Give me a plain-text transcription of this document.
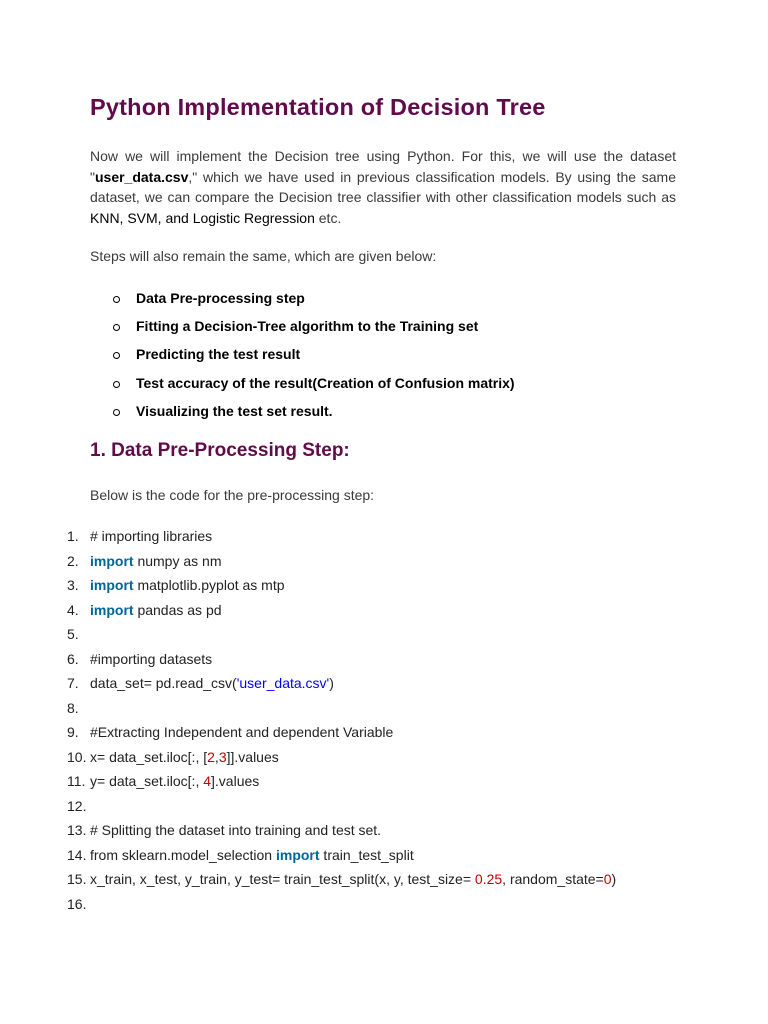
Python Implementation of Decision Tree

Now we will implement the Decision tree using Python. For this, we will use the dataset "user_data.csv," which we have used in previous classification models. By using the same dataset, we can compare the Decision tree classifier with other classification models such as KNN, SVM, and Logistic Regression etc.

Steps will also remain the same, which are given below:

Data Pre-processing step
Fitting a Decision-Tree algorithm to the Training set
Predicting the test result
Test accuracy of the result(Creation of Confusion matrix)
Visualizing the test set result.
1. Data Pre-Processing Step:

Below is the code for the pre-processing step:

1. # importing libraries
2. import numpy as nm
3. import matplotlib.pyplot as mtp
4. import pandas as pd
5.
6. #importing datasets
7. data_set= pd.read_csv('user_data.csv')
8.
9. #Extracting Independent and dependent Variable
10. x= data_set.iloc[:, [2,3]].values
11. y= data_set.iloc[:, 4].values
12.
13. # Splitting the dataset into training and test set.
14. from sklearn.model_selection import train_test_split
15. x_train, x_test, y_train, y_test= train_test_split(x, y, test_size= 0.25, random_state=0)
16.
